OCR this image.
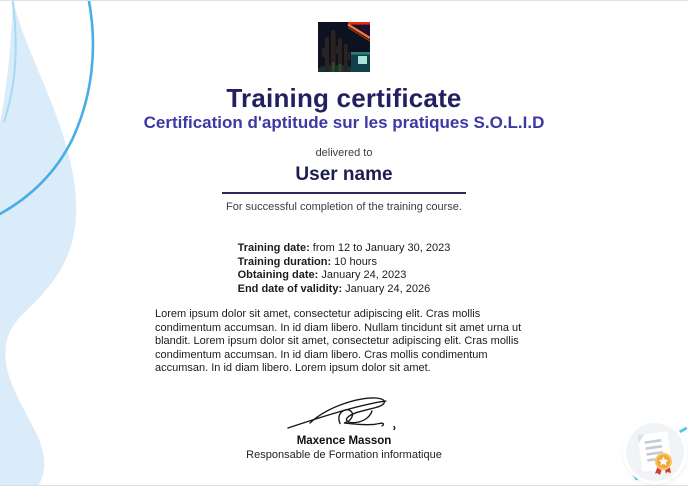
Training certificate
Certification d'aptitude sur les pratiques S.O.L.I.D
delivered to
User name
For successful completion of the training course.
Training date: from 12 to January 30, 2023
Training duration: 10 hours
Obtaining date: January 24, 2023
End date of validity: January 24, 2026
Lorem ipsum dolor sit amet, consectetur adipiscing elit. Cras mollis condimentum accumsan. In id diam libero. Nullam tincidunt sit amet urna ut blandit. Lorem ipsum dolor sit amet, consectetur adipiscing elit. Cras mollis condimentum accumsan. In id diam libero. Cras mollis condimentum accumsan. In id diam libero. Lorem ipsum dolor sit amet.
Maxence Masson
Responsable de Formation informatique
